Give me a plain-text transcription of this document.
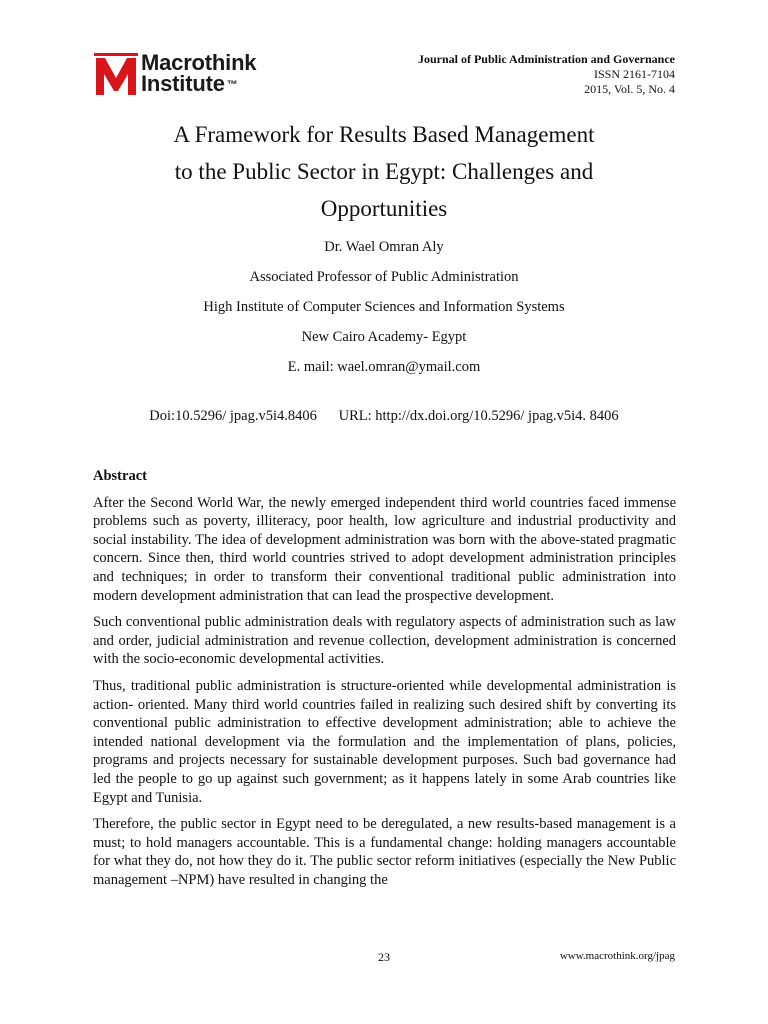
Macrothink
Institute ™
Journal of Public Administration and Governance
ISSN 2161-7104
2015, Vol. 5, No. 4
A Framework for Results Based Management
to the Public Sector in Egypt: Challenges and
Opportunities
Dr. Wael Omran Aly
Associated Professor of Public Administration
High Institute of Computer Sciences and Information Systems
New Cairo Academy- Egypt
E. mail: wael.omran@ymail.com
Doi:10.5296/ jpag.v5i4.8406 URL: http://dx.doi.org/10.5296/ jpag.v5i4. 8406
Abstract

After the Second World War, the newly emerged independent third world countries faced immense problems such as poverty, illiteracy, poor health, low agriculture and industrial productivity and social instability. The idea of development administration was born with the above-stated pragmatic concern. Since then, third world countries strived to adopt development administration principles and techniques; in order to transform their conventional traditional public administration into modern development administration that can lead the prospective development.

Such conventional public administration deals with regulatory aspects of administration such as law and order, judicial administration and revenue collection, development administration is concerned with the socio-economic developmental activities.

Thus, traditional public administration is structure-oriented while developmental administration is action- oriented. Many third world countries failed in realizing such desired shift by converting its conventional public administration to effective development administration; able to achieve the intended national development via the formulation and the implementation of plans, policies, programs and projects necessary for sustainable development purposes. Such bad governance had led the people to go up against such government; as it happens lately in some Arab countries like Egypt and Tunisia.

Therefore, the public sector in Egypt need to be deregulated, a new results-based management is a must; to hold managers accountable. This is a fundamental change: holding managers accountable for what they do, not how they do it. The public sector reform initiatives (especially the New Public management –NPM) have resulted in changing the

23	www.macrothink.org/jpag
